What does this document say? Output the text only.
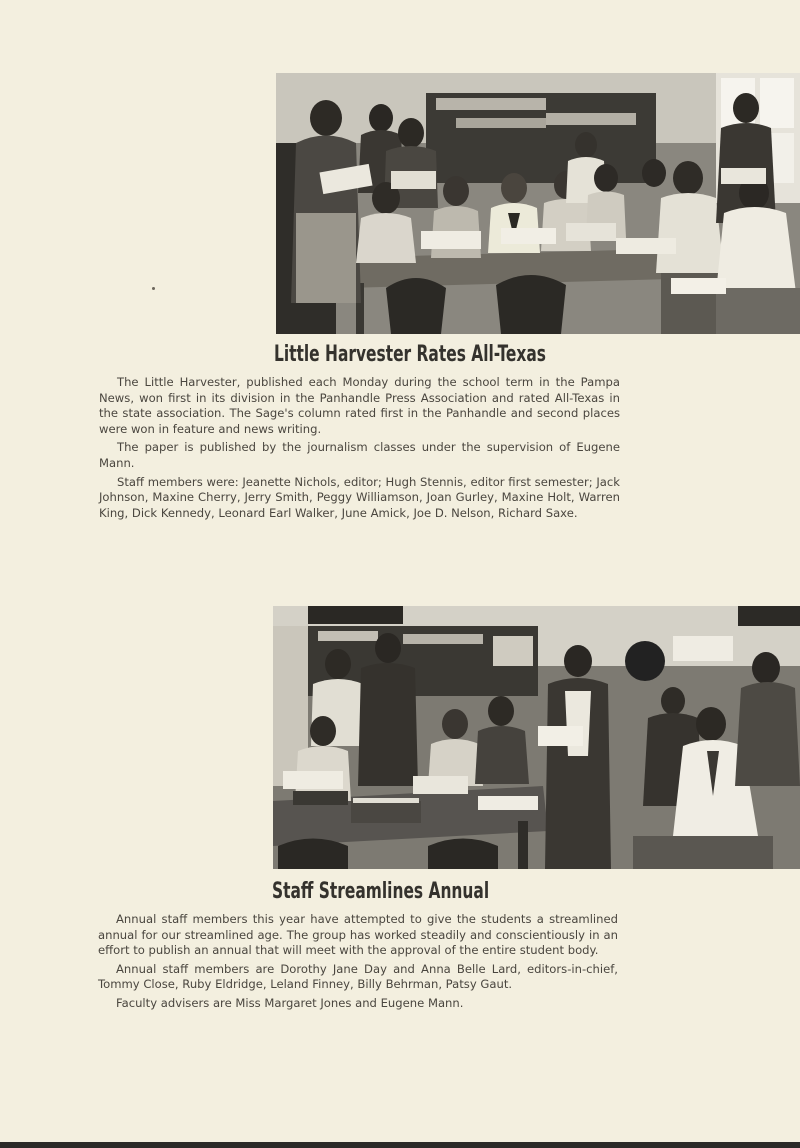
Little Harvester Rates All-Texas

The Little Harvester, published each Monday during the school term in the Pampa News, won first in its division in the Panhandle Press Association and rated All-Texas in the state association. The Sage's column rated first in the Panhandle and second places were won in feature and news writing.

The paper is published by the journalism classes under the supervision of Eugene Mann.

Staff members were: Jeanette Nichols, editor; Hugh Stennis, editor first semester; Jack Johnson, Maxine Cherry, Jerry Smith, Peggy Williamson, Joan Gurley, Maxine Holt, Warren King, Dick Kennedy, Leonard Earl Walker, June Amick, Joe D. Nelson, Richard Saxe.

Staff Streamlines Annual

Annual staff members this year have attempted to give the students a streamlined annual for our streamlined age. The group has worked steadily and conscientiously in an effort to publish an annual that will meet with the approval of the entire student body.

Annual staff members are Dorothy Jane Day and Anna Belle Lard, editors-in-chief, Tommy Close, Ruby Eldridge, Leland Finney, Billy Behrman, Patsy Gaut.

Faculty advisers are Miss Margaret Jones and Eugene Mann.
